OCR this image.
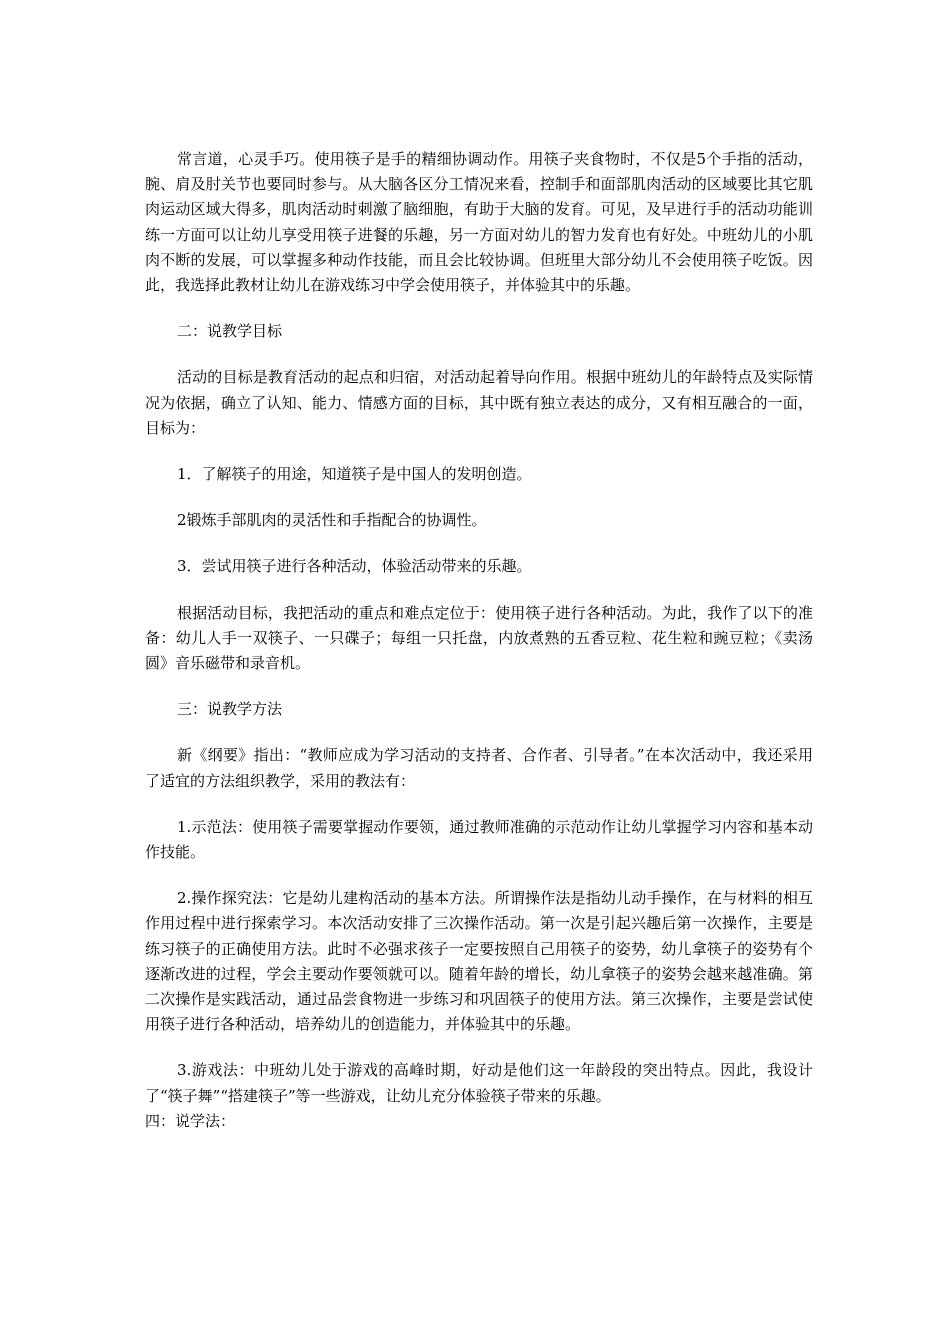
常言道，心灵手巧。使用筷子是手的精细协调动作。用筷子夹食物时，不仅是5个手指的活动，腕、肩及肘关节也要同时参与。从大脑各区分工情况来看，控制手和面部肌肉活动的区域要比其它肌肉运动区域大得多，肌肉活动时刺激了脑细胞，有助于大脑的发育。可见，及早进行手的活动功能训练一方面可以让幼儿享受用筷子进餐的乐趣，另一方面对幼儿的智力发育也有好处。中班幼儿的小肌肉不断的发展，可以掌握多种动作技能，而且会比较协调。但班里大部分幼儿不会使用筷子吃饭。因此，我选择此教材让幼儿在游戏练习中学会使用筷子，并体验其中的乐趣。

二：说教学目标

活动的目标是教育活动的起点和归宿，对活动起着导向作用。根据中班幼儿的年龄特点及实际情况为依据，确立了认知、能力、情感方面的目标，其中既有独立表达的成分，又有相互融合的一面，目标为：

1．了解筷子的用途，知道筷子是中国人的发明创造。

2锻炼手部肌肉的灵活性和手指配合的协调性。

3．尝试用筷子进行各种活动，体验活动带来的乐趣。

根据活动目标，我把活动的重点和难点定位于：使用筷子进行各种活动。为此，我作了以下的准备：幼儿人手一双筷子、一只碟子；每组一只托盘，内放煮熟的五香豆粒、花生粒和豌豆粒；《卖汤圆》音乐磁带和录音机。

三：说教学方法

新《纲要》指出：“教师应成为学习活动的支持者、合作者、引导者。”在本次活动中，我还采用了适宜的方法组织教学，采用的教法有：

1.示范法：使用筷子需要掌握动作要领，通过教师准确的示范动作让幼儿掌握学习内容和基本动作技能。

2.操作探究法：它是幼儿建构活动的基本方法。所谓操作法是指幼儿动手操作，在与材料的相互作用过程中进行探索学习。本次活动安排了三次操作活动。第一次是引起兴趣后第一次操作，主要是练习筷子的正确使用方法。此时不必强求孩子一定要按照自己用筷子的姿势，幼儿拿筷子的姿势有个逐渐改进的过程，学会主要动作要领就可以。随着年龄的增长，幼儿拿筷子的姿势会越来越准确。第二次操作是实践活动，通过品尝食物进一步练习和巩固筷子的使用方法。第三次操作，主要是尝试使用筷子进行各种活动，培养幼儿的创造能力，并体验其中的乐趣。

3.游戏法：中班幼儿处于游戏的高峰时期，好动是他们这一年龄段的突出特点。因此，我设计了“筷子舞”“搭建筷子”等一些游戏，让幼儿充分体验筷子带来的乐趣。

四：说学法：
